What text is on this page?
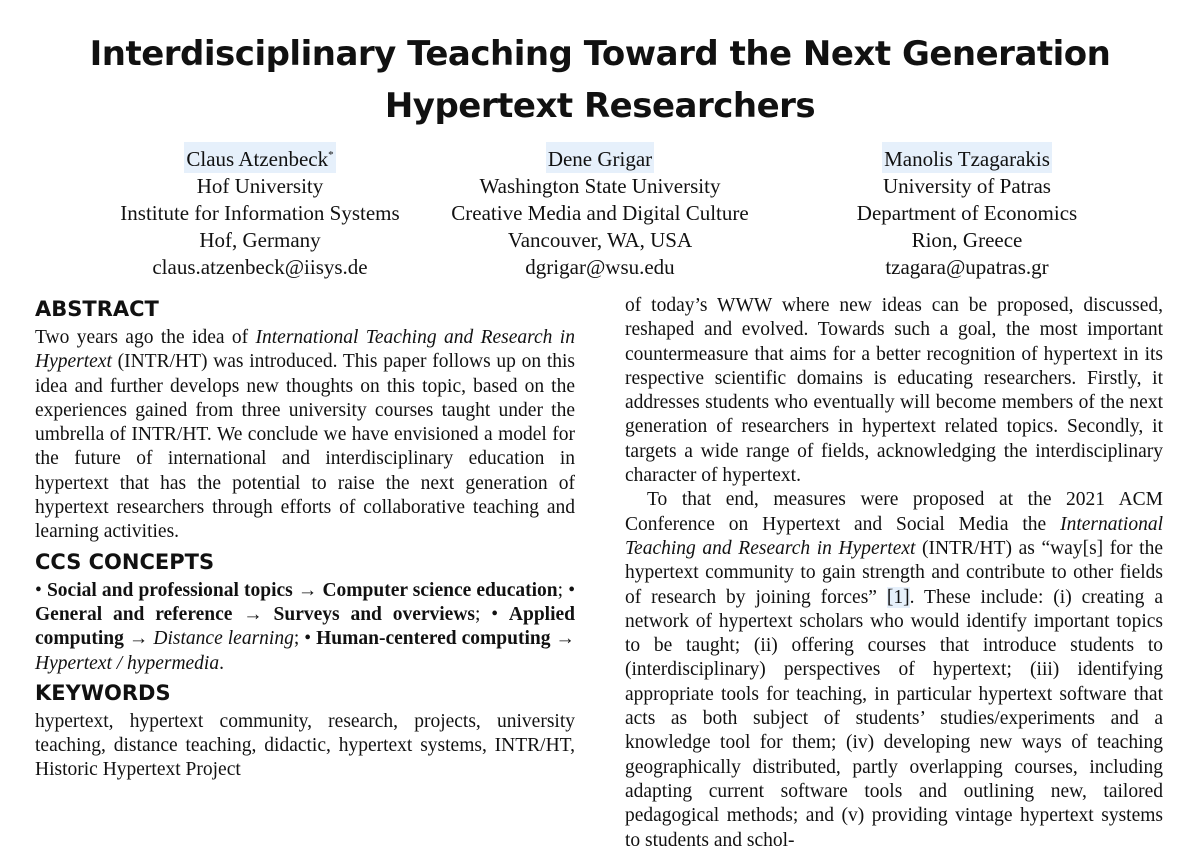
Interdisciplinary Teaching Toward the Next Generation Hypertext Researchers
Claus Atzenbeck*
Hof University
Institute for Information Systems
Hof, Germany
claus.atzenbeck@iisys.de
Dene Grigar
Washington State University
Creative Media and Digital Culture
Vancouver, WA, USA
dgrigar@wsu.edu
Manolis Tzagarakis
University of Patras
Department of Economics
Rion, Greece
tzagara@upatras.gr
ABSTRACT

Two years ago the idea of International Teaching and Research in Hypertext (INTR/HT) was introduced. This paper follows up on this idea and further develops new thoughts on this topic, based on the experiences gained from three university courses taught under the umbrella of INTR/HT. We conclude we have envisioned a model for the future of international and interdisciplinary education in hypertext that has the potential to raise the next generation of hypertext researchers through efforts of collaborative teaching and learning activities.

CCS CONCEPTS

• Social and professional topics → Computer science education; • General and reference → Surveys and overviews; • Applied computing → Distance learning; • Human-centered computing → Hypertext / hypermedia.

KEYWORDS

hypertext, hypertext community, research, projects, university teaching, distance teaching, didactic, hypertext systems, INTR/HT, Historic Hypertext Project

of today’s WWW where new ideas can be proposed, discussed, reshaped and evolved. Towards such a goal, the most important countermeasure that aims for a better recognition of hypertext in its respective scientific domains is educating researchers. Firstly, it addresses students who eventually will become members of the next generation of researchers in hypertext related topics. Secondly, it targets a wide range of fields, acknowledging the interdisciplinary character of hypertext.

To that end, measures were proposed at the 2021 ACM Conference on Hypertext and Social Media the International Teaching and Research in Hypertext (INTR/HT) as “way[s] for the hypertext community to gain strength and contribute to other fields of research by joining forces” [1]. These include: (i) creating a network of hypertext scholars who would identify important topics to be taught; (ii) offering courses that introduce students to (interdisciplinary) perspectives of hypertext; (iii) identifying appropriate tools for teaching, in particular hypertext software that acts as both subject of students’ studies/experiments and a knowledge tool for them; (iv) developing new ways of teaching geographically distributed, partly overlapping courses, including adapting current software tools and outlining new, tailored pedagogical methods; and (v) providing vintage hypertext systems to students and schol-
